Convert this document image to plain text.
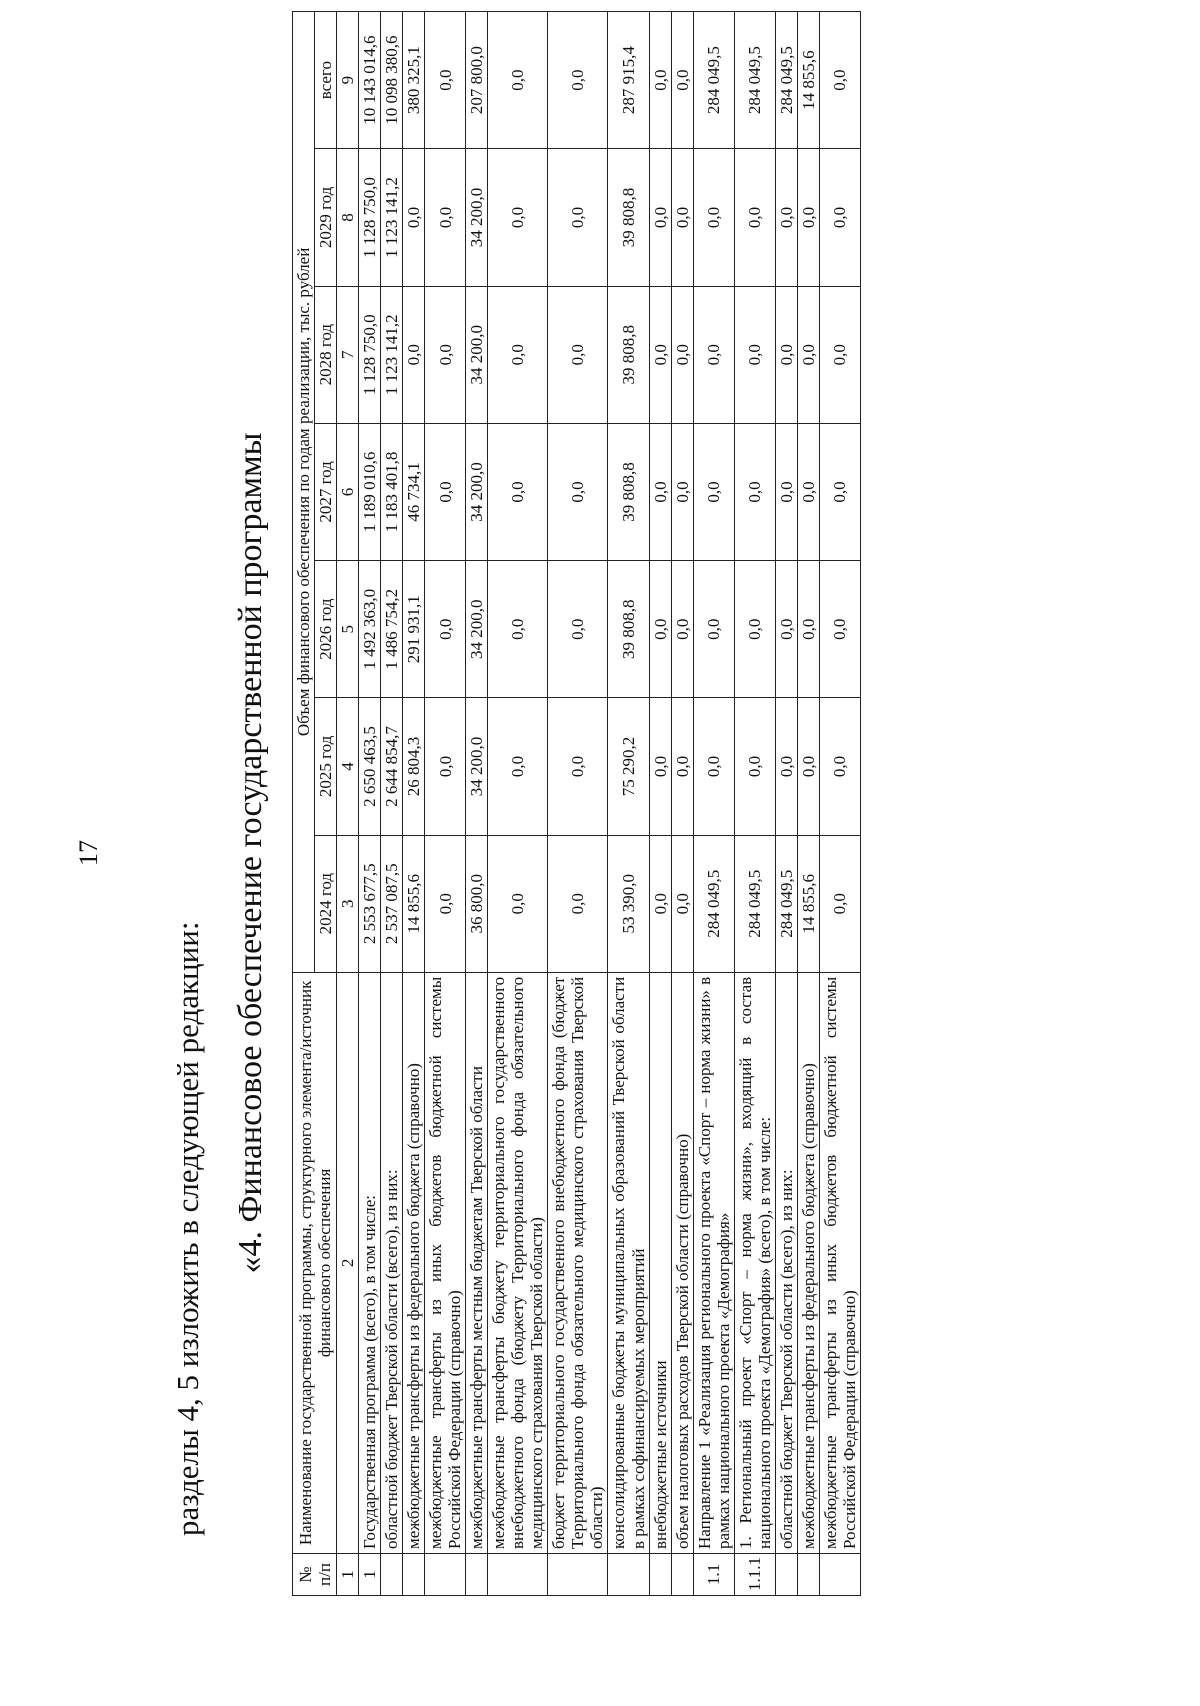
17
разделы 4, 5 изложить в следующей редакции: «4. Финансовое обеспечение государственной программы
№ п/п	Наименование государственной программы, структурного элемента/источник финансового обеспечения	Объем финансового обеспечения по годам реализации, тыс. рублей						
		2024 год	2025 год	2026 год	2027 год	2028 год	2029 год	всего
1	2	3	4	5	6	7	8	9
1	Государственная программа (всего), в том числе:	2 553 677,5	2 650 463,5	1 492 363,0	1 189 010,6	1 128 750,0	1 128 750,0	10 143 014,6
	областной бюджет Тверской области (всего), из них:	2 537 087,5	2 644 854,7	1 486 754,2	1 183 401,8	1 123 141,2	1 123 141,2	10 098 380,6
	межбюджетные трансферты из федерального бюджета (справочно)	14 855,6	26 804,3	291 931,1	46 734,1	0,0	0,0	380 325,1
	межбюджетные трансферты из иных бюджетов бюджетной системы Российской Федерации (справочно)	0,0	0,0	0,0	0,0	0,0	0,0	0,0
	межбюджетные трансферты местным бюджетам Тверской области	36 800,0	34 200,0	34 200,0	34 200,0	34 200,0	34 200,0	207 800,0
	межбюджетные трансферты бюджету территориального государственного внебюджетного фонда (бюджету Территориального фонда обязательного медицинского страхования Тверской области)	0,0	0,0	0,0	0,0	0,0	0,0	0,0
	бюджет территориального государственного внебюджетного фонда (бюджет Территориального фонда обязательного медицинского страхования Тверской области)	0,0	0,0	0,0	0,0	0,0	0,0	0,0
	консолидированные бюджеты муниципальных образований Тверской области в рамках софинансируемых мероприятий	53 390,0	75 290,2	39 808,8	39 808,8	39 808,8	39 808,8	287 915,4
	внебюджетные источники	0,0	0,0	0,0	0,0	0,0	0,0	0,0
	объем налоговых расходов Тверской области (справочно)	0,0	0,0	0,0	0,0	0,0	0,0	0,0
1.1	Направление 1 «Реализация регионального проекта «Спорт – норма жизни» в рамках национального проекта «Демография»	284 049,5	0,0	0,0	0,0	0,0	0,0	284 049,5
1.1.1	1. Региональный проект «Спорт – норма жизни», входящий в состав национального проекта «Демография» (всего), в том числе:	284 049,5	0,0	0,0	0,0	0,0	0,0	284 049,5
	областной бюджет Тверской области (всего), из них:	284 049,5	0,0	0,0	0,0	0,0	0,0	284 049,5
	межбюджетные трансферты из федерального бюджета (справочно)	14 855,6	0,0	0,0	0,0	0,0	0,0	14 855,6
	межбюджетные трансферты из иных бюджетов бюджетной системы Российской Федерации (справочно)	0,0	0,0	0,0	0,0	0,0	0,0	0,0
